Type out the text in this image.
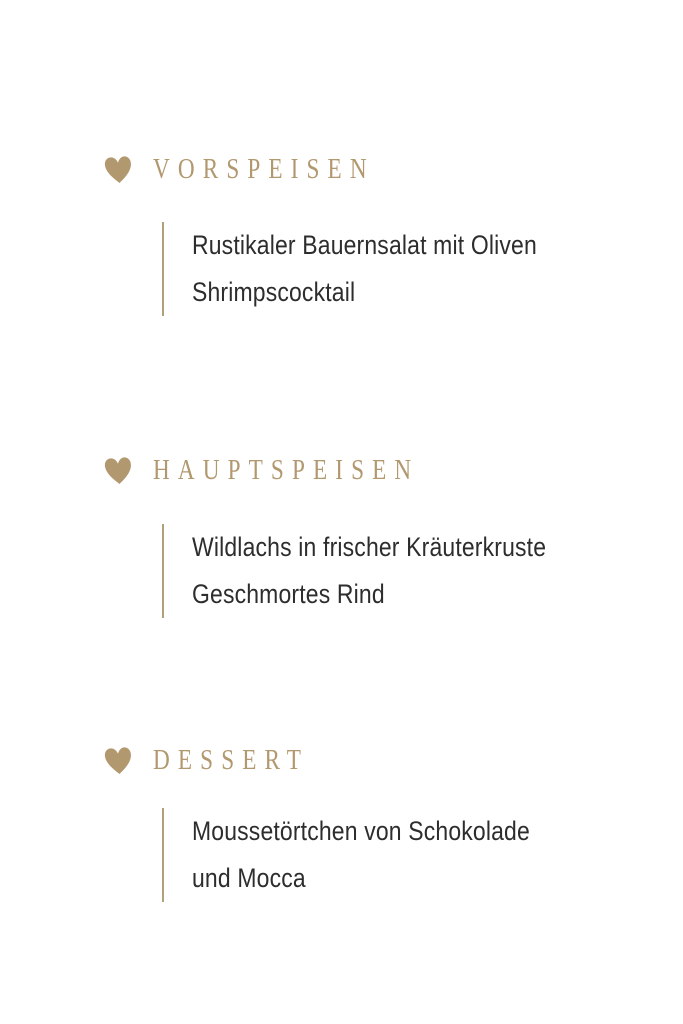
VORSPEISEN

Rustikaler Bauernsalat mit Oliven

Shrimpscocktail

HAUPTSPEISEN

Wildlachs in frischer Kräuterkruste

Geschmortes Rind

DESSERT

Moussetörtchen von Schokolade

und Mocca
